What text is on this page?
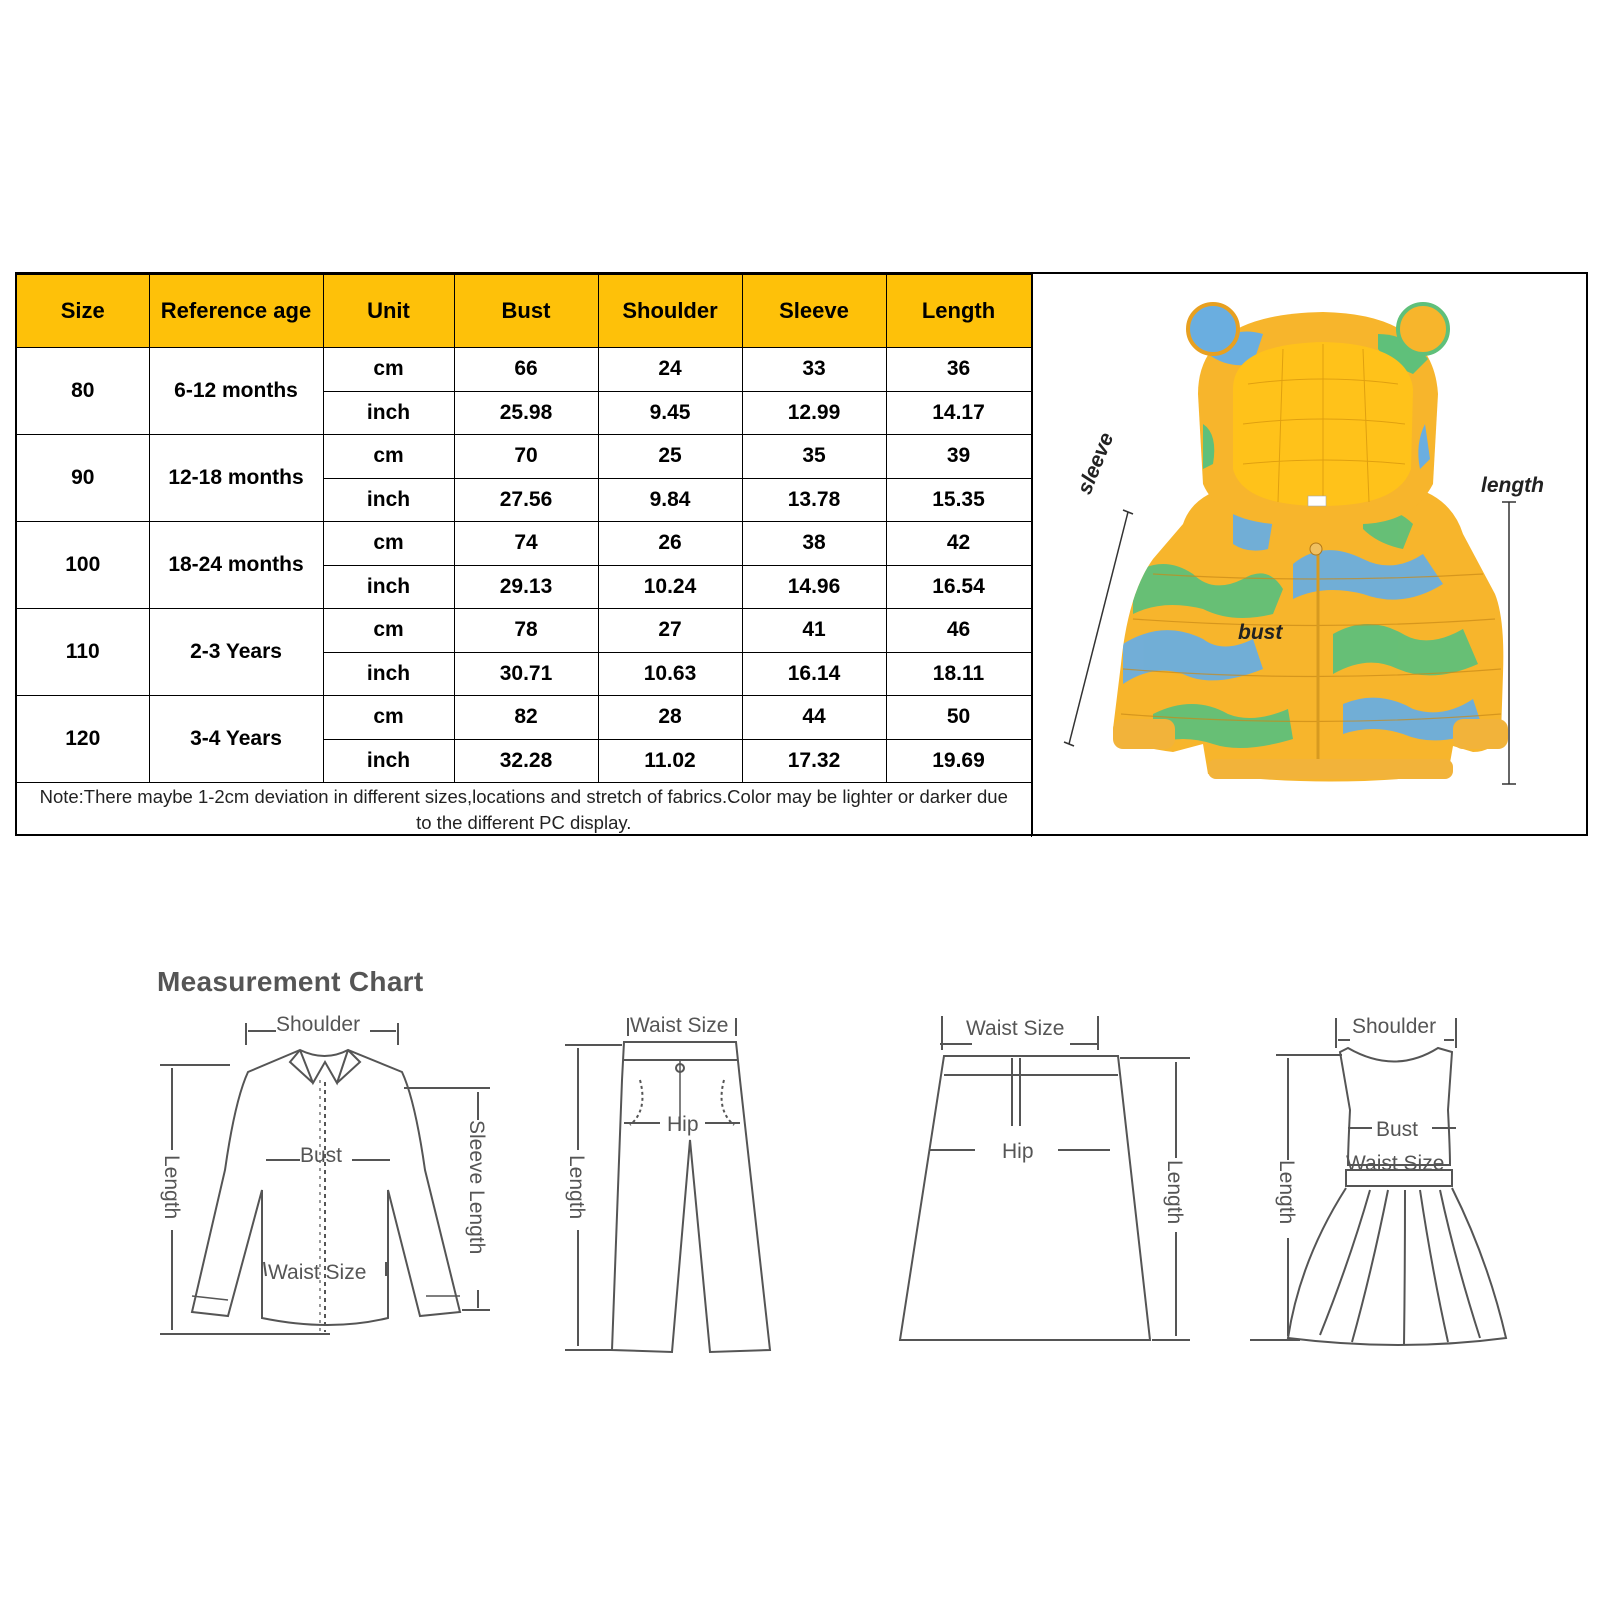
Size	Reference age	Unit	Bust	Shoulder	Sleeve	Length
80	6-12 months	cm	66	24	33	36
		inch	25.98	9.45	12.99	14.17
90	12-18 months	cm	70	25	35	39
		inch	27.56	9.84	13.78	15.35
100	18-24 months	cm	74	26	38	42
		inch	29.13	10.24	14.96	16.54
110	2-3 Years	cm	78	27	41	46
		inch	30.71	10.63	16.14	18.11
120	3-4 Years	cm	82	28	44	50
		inch	32.28	11.02	17.32	19.69
Note:There maybe 1-2cm deviation in different sizes,locations and stretch of fabrics.Color may be lighter or darker due to the different PC display.						
sleeve	length
bust
Measurement Chart
Shoulder
Bust
Waist Size
Length	Sleeve Length
Waist Size
Hip
Length
Waist Size
Hip
Length
Shoulder
Bust
Waist Size
Length
